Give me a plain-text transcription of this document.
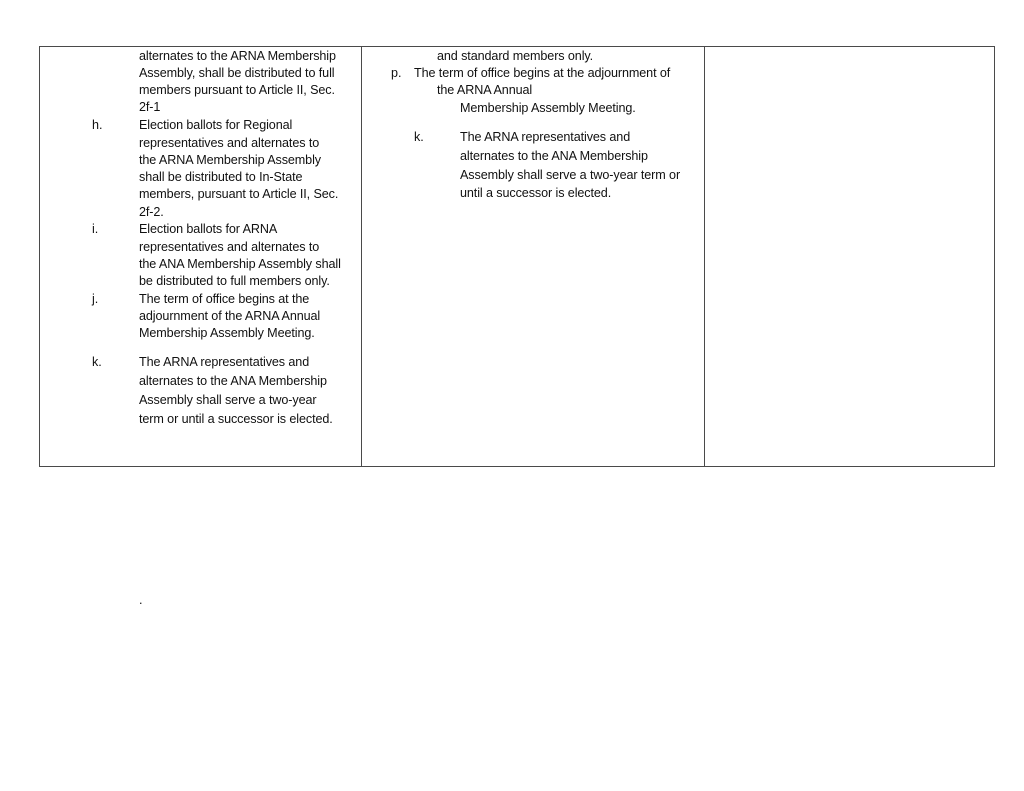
alternates to the ARNA Membership
Assembly, shall be distributed to full
members pursuant to Article II, Sec.
2f-1
h.	Election ballots for Regional
representatives and alternates to
the ARNA Membership Assembly
shall be distributed to In-State
members, pursuant to Article II, Sec.
2f-2.
i.	Election ballots for ARNA
representatives and alternates to
the ANA Membership Assembly shall
be distributed to full members only.
j.	The term of office begins at the
adjournment of the ARNA Annual
Membership Assembly Meeting.
k.	The ARNA representatives and
alternates to the ANA Membership
Assembly shall serve a two-year
term or until a successor is elected.
and standard members only.
p. The term of office begins at the adjournment of
the ARNA Annual
Membership Assembly Meeting.
k.	The ARNA representatives and
alternates to the ANA Membership
Assembly shall serve a two-year term or
until a successor is elected.
.
